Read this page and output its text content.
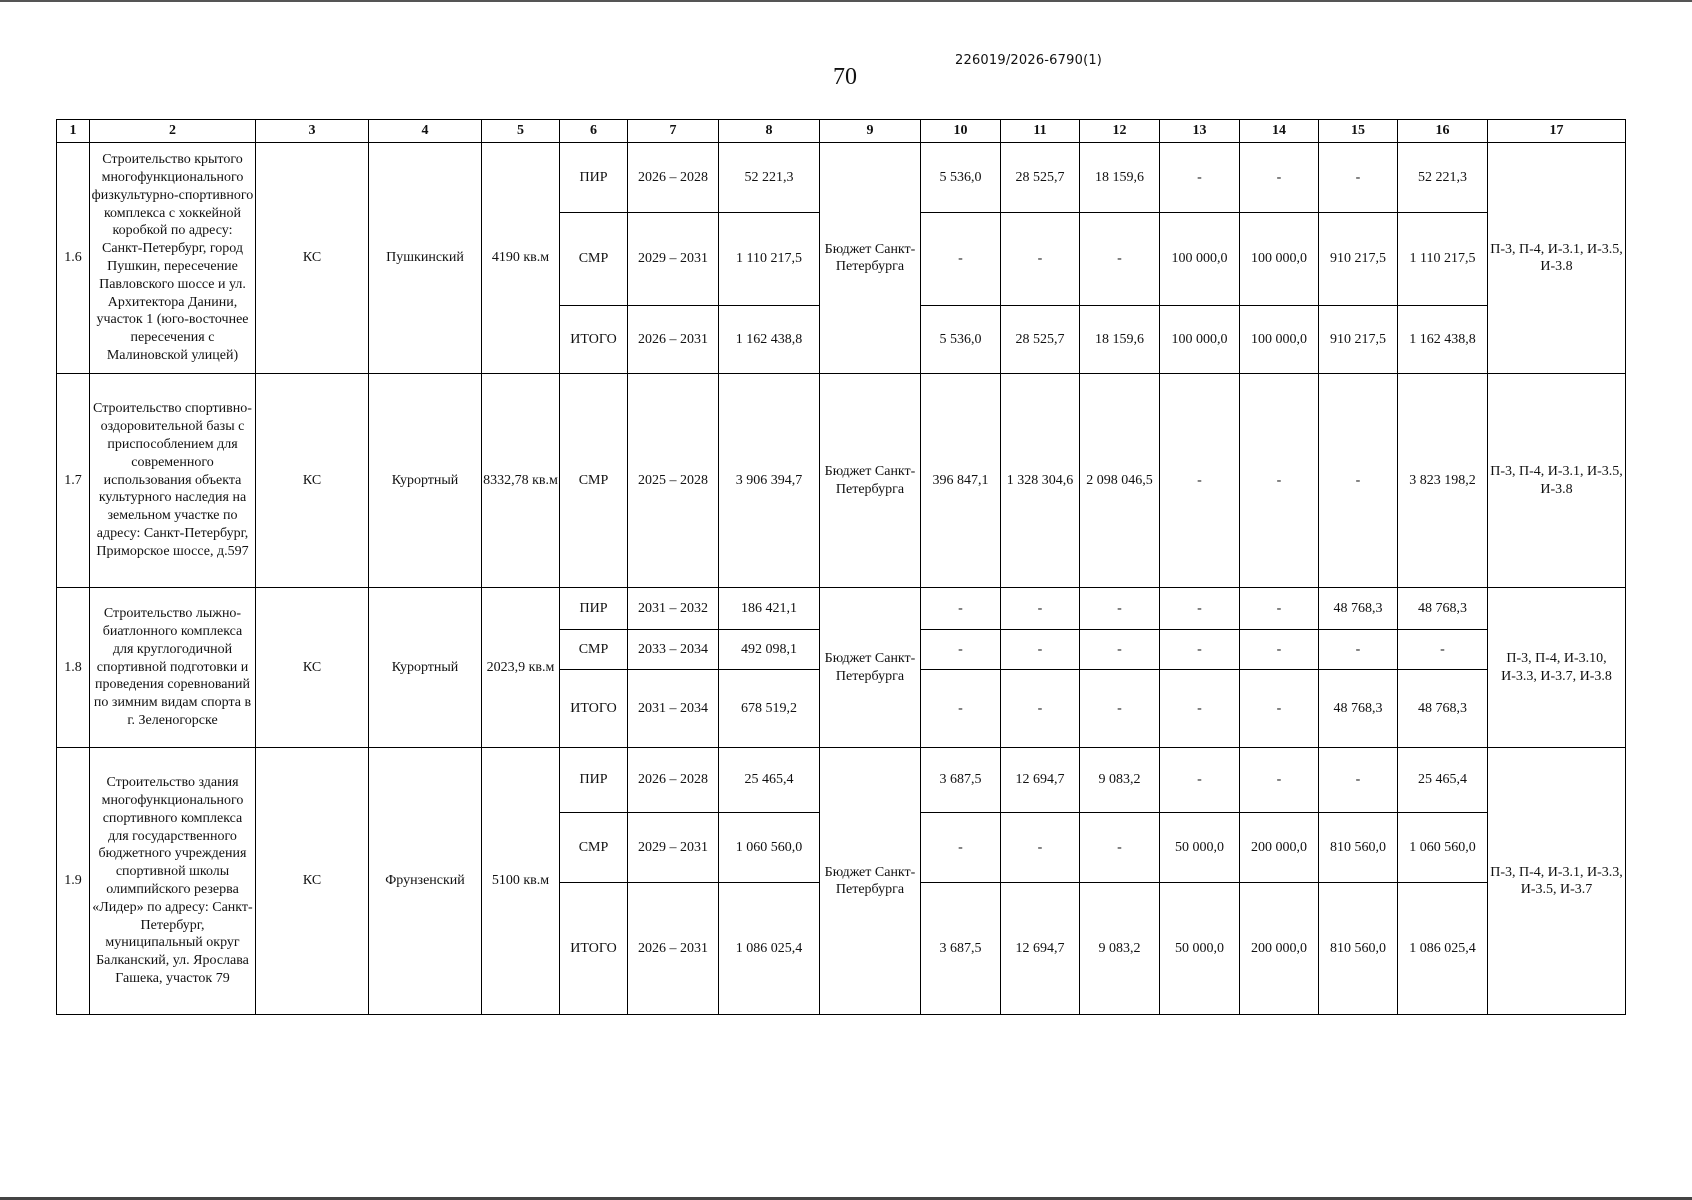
226019/2026-6790(1)
70
1	2	3	4	5	6	7	8	9	10	11	12	13	14	15	16	17
1.6	Строительство крытого многофункционального физкультурно-спортивного комплекса с хоккейной коробкой по адресу: Санкт-Петербург, город Пушкин, пересечение Павловского шоссе и ул. Архитектора Данини, участок 1 (юго-восточнее пересечения с Малиновской улицей)	КС	Пушкинский	4190 кв.м	ПИР	2026 – 2028	52 221,3	Бюджет Санкт-Петербурга	5 536,0	28 525,7	18 159,6	-	-	-	52 221,3	П-3, П-4, И-3.1, И-3.5, И-3.8
					СМР	2029 – 2031	1 110 217,5		-	-	-	100 000,0	100 000,0	910 217,5	1 110 217,5	
					ИТОГО	2026 – 2031	1 162 438,8		5 536,0	28 525,7	18 159,6	100 000,0	100 000,0	910 217,5	1 162 438,8	
1.7	Строительство спортивно-оздоровительной базы с приспособлением для современного использования объекта культурного наследия на земельном участке по адресу: Санкт-Петербург, Приморское шоссе, д.597	КС	Курортный	8332,78 кв.м	СМР	2025 – 2028	3 906 394,7	Бюджет Санкт-Петербурга	396 847,1	1 328 304,6	2 098 046,5	-	-	-	3 823 198,2	П-3, П-4, И-3.1, И-3.5, И-3.8
1.8	Строительство лыжно-биатлонного комплекса для круглогодичной спортивной подготовки и проведения соревнований по зимним видам спорта в г. Зеленогорске	КС	Курортный	2023,9 кв.м	ПИР	2031 – 2032	186 421,1	Бюджет Санкт-Петербурга	-	-	-	-	-	48 768,3	48 768,3	П-3, П-4, И-3.10, И-3.3, И-3.7, И-3.8
					СМР	2033 – 2034	492 098,1		-	-	-	-	-	-	-	
					ИТОГО	2031 – 2034	678 519,2		-	-	-	-	-	48 768,3	48 768,3	
1.9	Строительство здания многофункционального спортивного комплекса для государственного бюджетного учреждения спортивной школы олимпийского резерва «Лидер» по адресу: Санкт-Петербург, муниципальный округ Балканский, ул. Ярослава Гашека, участок 79	КС	Фрунзенский	5100 кв.м	ПИР	2026 – 2028	25 465,4	Бюджет Санкт-Петербурга	3 687,5	12 694,7	9 083,2	-	-	-	25 465,4	П-3, П-4, И-3.1, И-3.3, И-3.5, И-3.7
					СМР	2029 – 2031	1 060 560,0		-	-	-	50 000,0	200 000,0	810 560,0	1 060 560,0	
					ИТОГО	2026 – 2031	1 086 025,4		3 687,5	12 694,7	9 083,2	50 000,0	200 000,0	810 560,0	1 086 025,4	
